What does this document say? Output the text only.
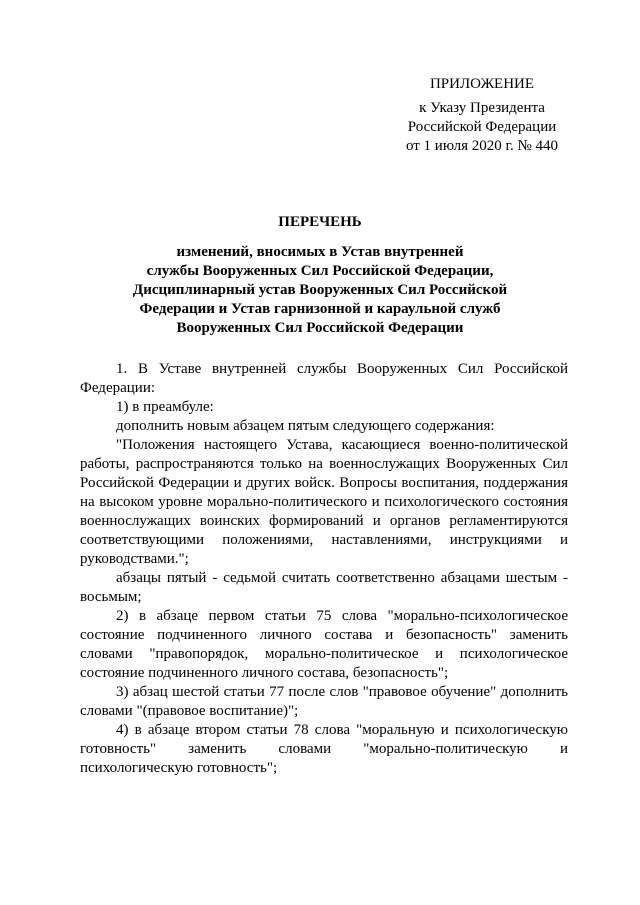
ПРИЛОЖЕНИЕ
к Указу Президента
Российской Федерации
от 1 июля 2020 г. № 440
ПЕРЕЧЕНЬ
изменений, вносимых в Устав внутренней
службы Вооруженных Сил Российской Федерации,
Дисциплинарный устав Вооруженных Сил Российской
Федерации и Устав гарнизонной и караульной служб
Вооруженных Сил Российской Федерации

1. В Уставе внутренней службы Вооруженных Сил Российской Федерации:

1) в преамбуле:

дополнить новым абзацем пятым следующего содержания:

"Положения настоящего Устава, касающиеся военно-политической работы, распространяются только на военнослужащих Вооруженных Сил Российской Федерации и других войск. Вопросы воспитания, поддержания на высоком уровне морально-политического и психологического состояния военнослужащих воинских формирований и органов регламентируются соответствующими положениями, наставлениями, инструкциями и руководствами.";

абзацы пятый - седьмой считать соответственно абзацами шестым - восьмым;

2) в абзаце первом статьи 75 слова "морально-психологическое состояние подчиненного личного состава и безопасность" заменить словами "правопорядок, морально-политическое и психологическое состояние подчиненного личного состава, безопасность";

3) абзац шестой статьи 77 после слов "правовое обучение" дополнить словами "(правовое воспитание)";

4) в абзаце втором статьи 78 слова "моральную и психологическую готовность" заменить словами "морально-политическую и психологическую готовность";
